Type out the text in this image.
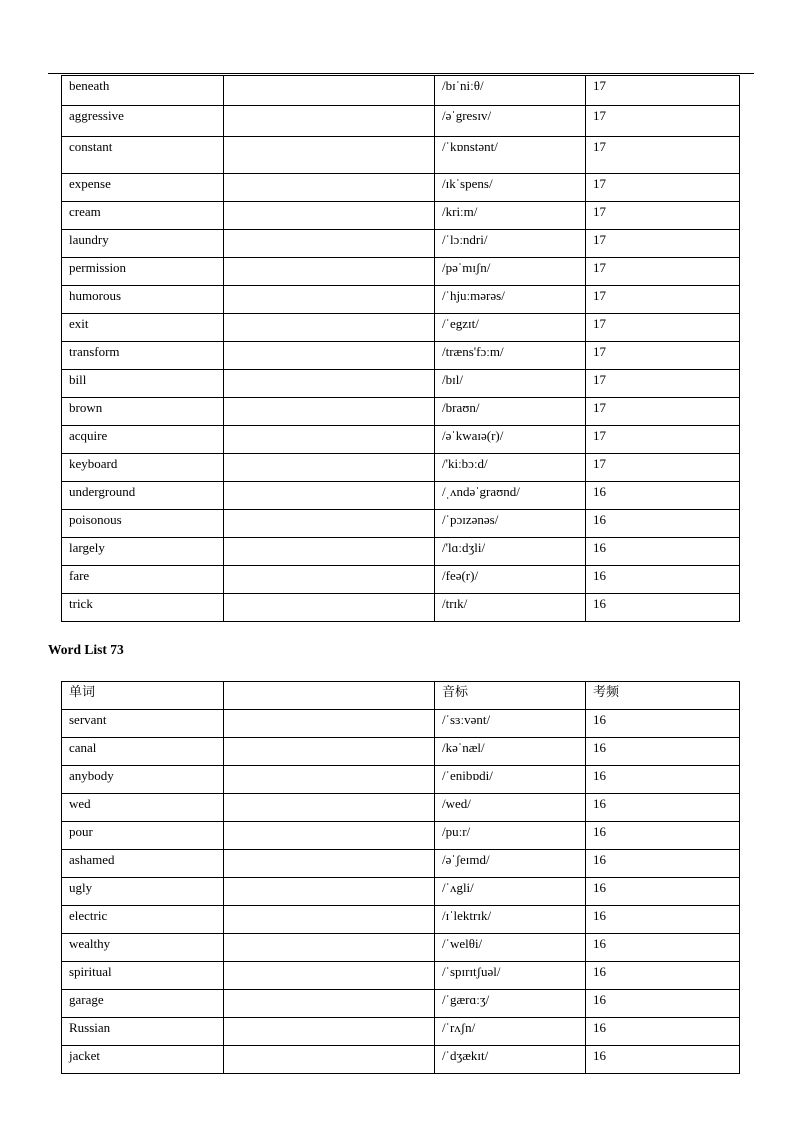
beneath		/bɪˈniːθ/	17
aggressive		/əˈgresɪv/	17
constant		/ˈkɒnstənt/	17
expense		/ɪkˈspens/	17
cream		/kriːm/	17
laundry		/ˈlɔːndri/	17
permission		/pəˈmɪʃn/	17
humorous		/ˈhjuːmərəs/	17
exit		/ˈegzɪt/	17
transform		/træns'fɔːm/	17
bill		/bɪl/	17
brown		/braʊn/	17
acquire		/əˈkwaɪə(r)/	17
keyboard		/'kiːbɔːd/	17
underground		/ˌʌndəˈgraʊnd/	16
poisonous		/ˈpɔɪzənəs/	16
largely		/'lɑːdʒli/	16
fare		/feə(r)/	16
trick		/trɪk/	16
Word List 73
单词		音标	考频
servant		/ˈsɜːvənt/	16
canal		/kəˈnæl/	16
anybody		/ˈenibɒdi/	16
wed		/wed/	16
pour		/puːr/	16
ashamed		/əˈʃeɪmd/	16
ugly		/ˈʌgli/	16
electric		/ɪˈlektrɪk/	16
wealthy		/ˈwelθi/	16
spiritual		/ˈspɪrɪtʃuəl/	16
garage		/ˈgærɑːʒ/	16
Russian		/ˈrʌʃn/	16
jacket		/ˈdʒækɪt/	16
